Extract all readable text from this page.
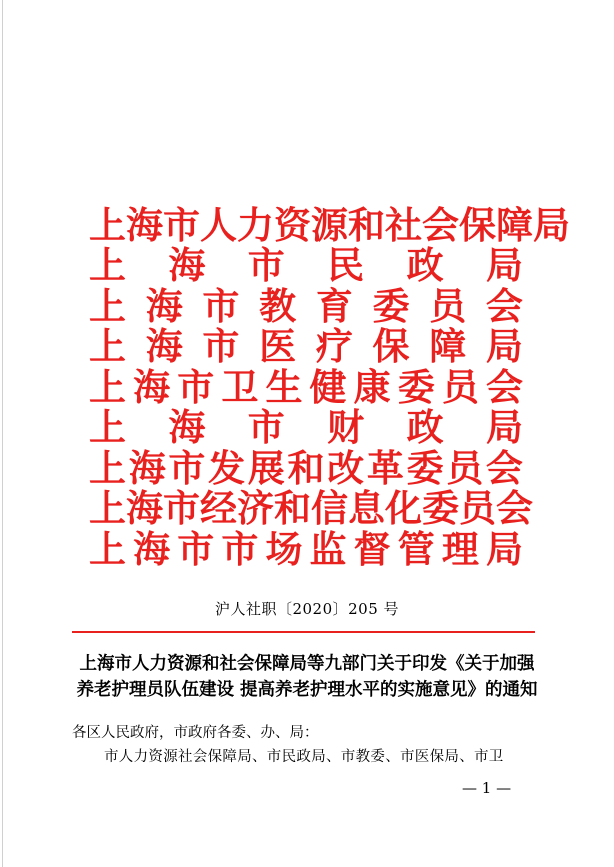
上 海 市 人 力 资 源 和 社 会 保 障 局
上 海 市 民 政 局
上 海 市 教 育 委 员 会
上 海 市 医 疗 保 障 局
上 海 市 卫 生 健 康 委 员 会
上 海 市 财 政 局
上 海 市 发 展 和 改 革 委 员 会
上 海 市 经 济 和 信 息 化 委 员 会
上 海 市 市 场 监 督 管 理 局
沪人社职〔2020〕205 号
上海市人力资源和社会保障局等九部门关于印发《关于加强
养老护理员队伍建设 提高养老护理水平的实施意见》的通知
各区人民政府，市政府各委、办、局：
市人力资源社会保障局、市民政局、市教委、市医保局、市卫
— 1 —
